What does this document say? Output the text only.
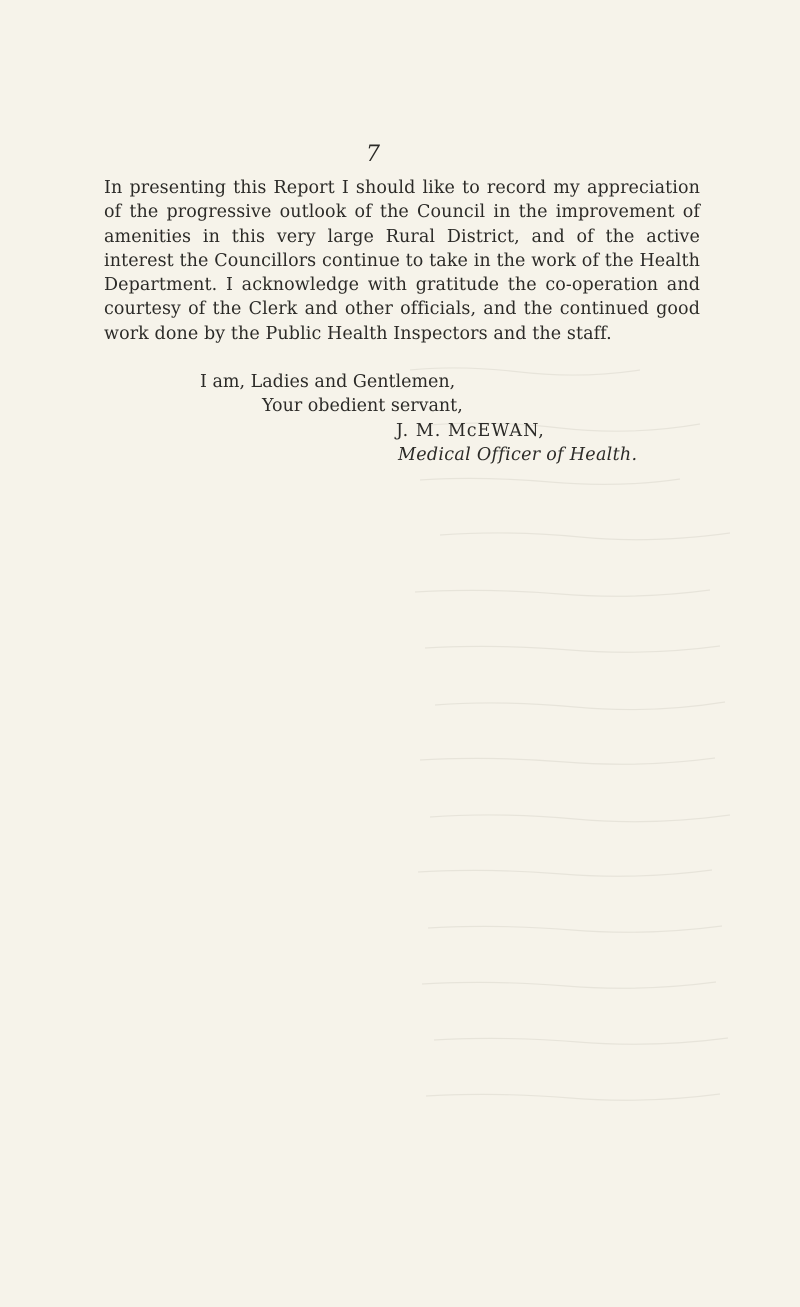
7

In presenting this Report I should like to record my appreciation of the progressive outlook of the Council in the improvement of amenities in this very large Rural District, and of the active interest the Councillors continue to take in the work of the Health Department. I acknowledge with gratitude the co-operation and courtesy of the Clerk and other officials, and the continued good work done by the Public Health Inspectors and the staff.

I am, Ladies and Gentlemen,
Your obedient servant,
J. M. McEWAN,
Medical Officer of Health.
